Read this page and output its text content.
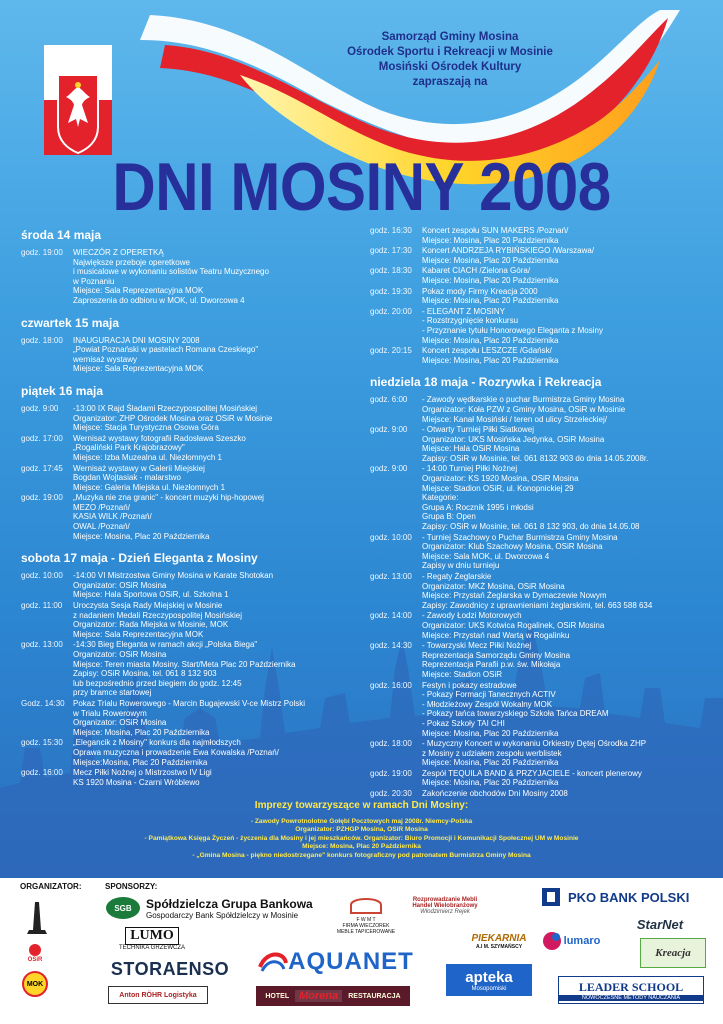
MOSINA
Samorząd Gminy Mosina
Ośrodek Sportu i Rekreacji w Mosinie
Mosiński Ośrodek Kultury
zapraszają na
DNI MOSINY 2008
środa 14 maja
godz. 19:00	WIECZÓR Z OPERETKĄ
Największe przeboje operetkowe
i musicalowe w wykonaniu solistów Teatru Muzycznego
w Poznaniu
Miejsce: Sala Reprezentacyjna MOK
Zaproszenia do odbioru w MOK, ul. Dworcowa 4
czwartek 15 maja
godz. 18:00	INAUGURACJA DNI MOSINY 2008
„Powiat Poznański w pastelach Romana Czeskiego"
wernisaż wystawy
Miejsce: Sala Reprezentacyjna MOK
piątek 16 maja
godz. 9:00	-13:00 IX Rajd Śladami Rzeczypospolitej Mosińskiej
Organizator: ZHP Ośrodek Mosina oraz OSiR w Mosinie
Miejsce: Stacja Turystyczna Osowa Góra
godz. 17:00	Wernisaż wystawy fotografii Radosława Szeszko
„Rogaliński Park Krajobrazowy"
Miejsce: Izba Muzealna ul. Niezłomnych 1
godz. 17:45	Wernisaż wystawy w Galerii Miejskiej
Bogdan Wojtasiak - malarstwo
Miejsce: Galeria Miejska ul. Niezłomnych 1
godz. 19:00	„Muzyka nie zna granic" - koncert muzyki hip-hopowej
MEZO /Poznań/
KASIA WILK /Poznań/
OWAL /Poznań/
Miejsce: Mosina, Plac 20 Października
sobota 17 maja - Dzień Eleganta z Mosiny
godz. 10:00	-14:00 VI Mistrzostwa Gminy Mosina w Karate Shotokan
Organizator: OSiR Mosina
Miejsce: Hala Sportowa OSiR, ul. Szkolna 1
godz. 11:00	Uroczysta Sesja Rady Miejskiej w Mosinie
z nadaniem Medali Rzeczypospolitej Mosińskiej
Organizator: Rada Miejska w Mosinie, MOK
Miejsce: Sala Reprezentacyjna MOK
godz. 13:00	-14:30 Bieg Eleganta w ramach akcji „Polska Biega"
Organizator: OSiR Mosina
Miejsce: Teren miasta Mosiny. Start/Meta Plac 20 Października
Zapisy: OSiR Mosina, tel. 061 8 132 903
lub bezpośrednio przed biegiem do godz. 12:45
przy bramce startowej
Godz. 14:30	Pokaz Trialu Rowerowego - Marcin Bugajewski V-ce Mistrz Polski
w Trialu Rowerowym
Organizator: OSiR Mosina
Miejsce: Mosina, Plac 20 Października
godz. 15:30	„Elegancik z Mosiny" konkurs dla najmłodszych
Oprawa muzyczna i prowadzenie Ewa Kowalska /Poznań/
Miejsce:Mosina, Plac 20 Października
godz. 16:00	Mecz Piłki Nożnej o Mistrzostwo IV Ligi
KS 1920 Mosina - Czarni Wróblewo
godz. 16:30	Koncert zespołu SUN MAKERS /Poznań/
Miejsce: Mosina, Plac 20 Października
godz. 17:30	Koncert ANDRZEJA RYBIŃSKIEGO /Warszawa/
Miejsce: Mosina, Plac 20 Października
godz. 18:30	Kabaret CIACH /Zielona Góra/
Miejsce: Mosina, Plac 20 Października
godz. 19:30	Pokaz mody Firmy Kreacja 2000
Miejsce: Mosina, Plac 20 Października
godz. 20:00	- ELEGANT Z MOSINY
- Rozstrzygnięcie konkursu
- Przyznanie tytułu Honorowego Eleganta z Mosiny
Miejsce: Mosina, Plac 20 Października
godz. 20:15	Koncert zespołu LESZCZE /Gdańsk/
Miejsce: Mosina, Plac 20 Października
niedziela 18 maja - Rozrywka i Rekreacja
godz. 6:00	- Zawody wędkarskie o puchar Burmistrza Gminy Mosina
Organizator: Koła PZW z Gminy Mosina, OSiR w Mosinie
Miejsce: Kanał Mosiński / teren od ulicy Strzeleckiej/
godz. 9:00	- Otwarty Turniej Piłki Siatkowej
Organizator: UKS Mosińska Jedynka, OSiR Mosina
Miejsce: Hala OSiR Mosina
Zapisy: OSiR w Mosinie, tel. 061 8132 903 do dnia 14.05.2008r.
godz. 9:00	- 14:00 Turniej Piłki Nożnej
Organizator: KS 1920 Mosina, OSiR Mosina
Miejsce: Stadion OSiR, ul. Konopnickiej 29
Kategorie:
Grupa A: Rocznik 1995 i młodsi
Grupa B: Open
Zapisy: OSiR w Mosinie, tel. 061 8 132 903, do dnia 14.05.08
godz. 10:00	- Turniej Szachowy o Puchar Burmistrza Gminy Mosina
Organizator: Klub Szachowy Mosina, OSiR Mosina
Miejsce: Sala MOK, ul. Dworcowa 4
Zapisy w dniu turnieju
godz. 13:00	- Regaty Żeglarskie
Organizator: MKŻ Mosina, OSiR Mosina
Miejsce: Przystań Żeglarska w Dymaczewie Nowym
Zapisy: Zawodnicy z uprawnieniami żeglarskimi, tel. 663 588 634
godz. 14:00	- Zawody Łodzi Motorowych
Organizator: UKS Kotwica Rogalinek, OSiR Mosina
Miejsce: Przystań nad Wartą w Rogalinku
godz. 14:30	- Towarzyski Mecz Piłki Nożnej
Reprezentacja Samorządu Gminy Mosina
Reprezentacja Parafii p.w. św. Mikołaja
Miejsce: Stadion OSiR
godz. 16:00	Festyn i pokazy estradowe
- Pokazy Formacji Tanecznych ACTIV
- Młodzieżowy Zespół Wokalny MOK
- Pokazy tańca towarzyskiego Szkoła Tańca DREAM
- Pokaz Szkoły TAI CHI
Miejsce: Mosina, Plac 20 Października
godz. 18:00	- Muzyczny Koncert w wykonaniu Orkiestry Dętej Ośrodka ZHP
z Mosiny z udziałem zespołu werblistek
Miejsce: Mosina, Plac 20 Października
godz. 19:00	Zespół TEQUILA BAND & PRZYJACIELE - koncert plenerowy
Miejsce: Mosina, Plac 20 Października
godz. 20:30	Zakończenie obchodów Dni Mosiny 2008
Imprezy towarzyszące w ramach Dni Mosiny:
- Zawody Powrotnolotne Gołębi Pocztowych maj 2008r. Niemcy-Polska
Organizator: PZHGP Mosina, OSiR Mosina
- Pamiątkowa Księga Życzeń - życzenia dla Mosiny i jej mieszkańców. Organizator: Biuro Promocji i Komunikacji Społecznej UM w Mosinie
Miejsce: Mosina, Plac 20 Października
- „Gmina Mosina - piękno niedostrzegane" konkurs fotograficzny pod patronatem Burmistrza Gminy Mosina
ORGANIZATOR:	SPONSORZY:
OSiR
MOK
SGB	Spółdzielcza Grupa Bankowa
Gospodarczy Bank Spółdzielczy w Mosinie
F W M T
FIRMA WIECZOREK
MEBLE TAPICEROWANE
Rozprowadzanie Mebli
Handel Wielobranżowy
Włodzimierz Rejek
PKO BANK POLSKI
StarNet
LUMO
TECHNIKA GRZEWCZA
PIEKARNIA
A.I M. SZYMAŃSCY	lumaro
Kreacja
STORAENSO AQUANET
apteka
Mosopomiski	LEADER SCHOOL
NOWOCZESNE METODY NAUCZANIA
Anton RÖHR Logistyka	HOTEL Morena	RESTAURACJA
